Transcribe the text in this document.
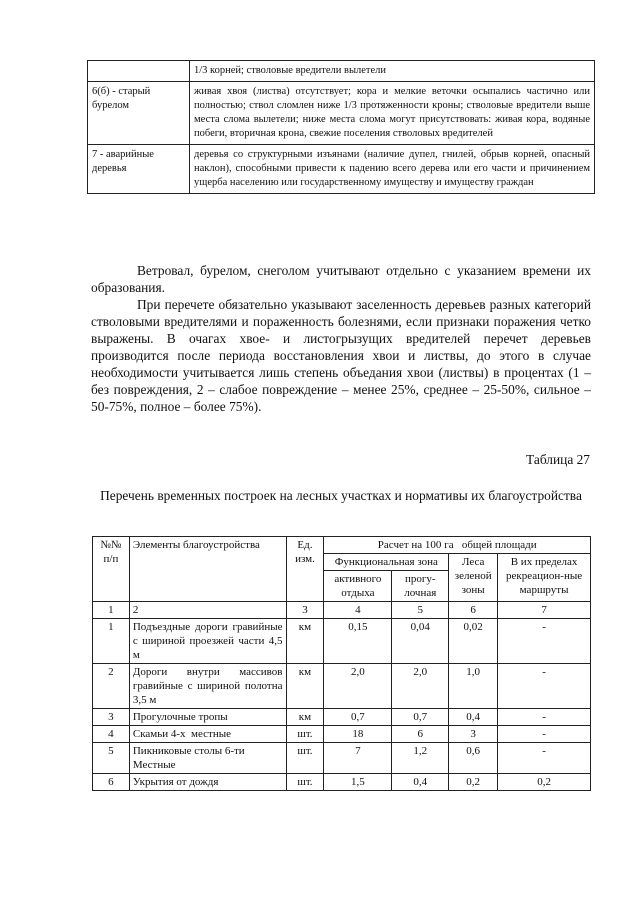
	1/3 корней; стволовые вредители вылетели
6(б) - старый бурелом	живая хвоя (листва) отсутствует; кора и мелкие веточки осыпались частично или полностью; ствол сломлен ниже 1/3 протяженности кроны; стволовые вредители выше места слома вылетели; ниже места слома могут присутствовать: живая кора, водяные побеги, вторичная крона, свежие поселения стволовых вредителей
7 - аварийные деревья	деревья со структурными изъянами (наличие дупел, гнилей, обрыв корней, опасный наклон), способными привести к падению всего дерева или его части и причинением ущерба населению или государственному имуществу и имуществу граждан
Ветровал, бурелом, снеголом учитывают отдельно с указанием времени их образования.
При перечете обязательно указывают заселенность деревьев разных категорий стволовыми вредителями и пораженность болезнями, если признаки поражения четко выражены. В очагах хвое- и листогрызущих вредителей перечет деревьев производится после периода восстановления хвои и листвы, до этого в случае необходимости учитывается лишь степень объедания хвои (листвы) в процентах (1 – без повреждения, 2 – слабое повреждение – менее 25%, среднее – 25-50%, сильное – 50-75%, полное – более 75%).
Таблица 27
Перечень временных построек на лесных участках и нормативы их благоустройства
№№ п/п	Элементы благоустройства	Ед. изм.	Расчет на 100 га   общей площади			
			Функциональная зона		Леса зеленой зоны	В их пределах рекреацион-ные маршруты
			активного отдыха	прогу-лочная		
1	2	3	4	5	6	7
1	Подъездные дороги гравийные с шириной проезжей части 4,5 м	км	0,15	0,04	0,02	-
2	Дороги внутри массивов гравийные с шириной полотна 3,5 м	км	2,0	2,0	1,0	-
3	Прогулочные тропы	км	0,7	0,7	0,4	-
4	Скамьи 4-х  местные	шт.	18	6	3	-
5	Пикниковые столы 6-ти Местные	шт.	7	1,2	0,6	-
6	Укрытия от дождя	шт.	1,5	0,4	0,2	0,2
